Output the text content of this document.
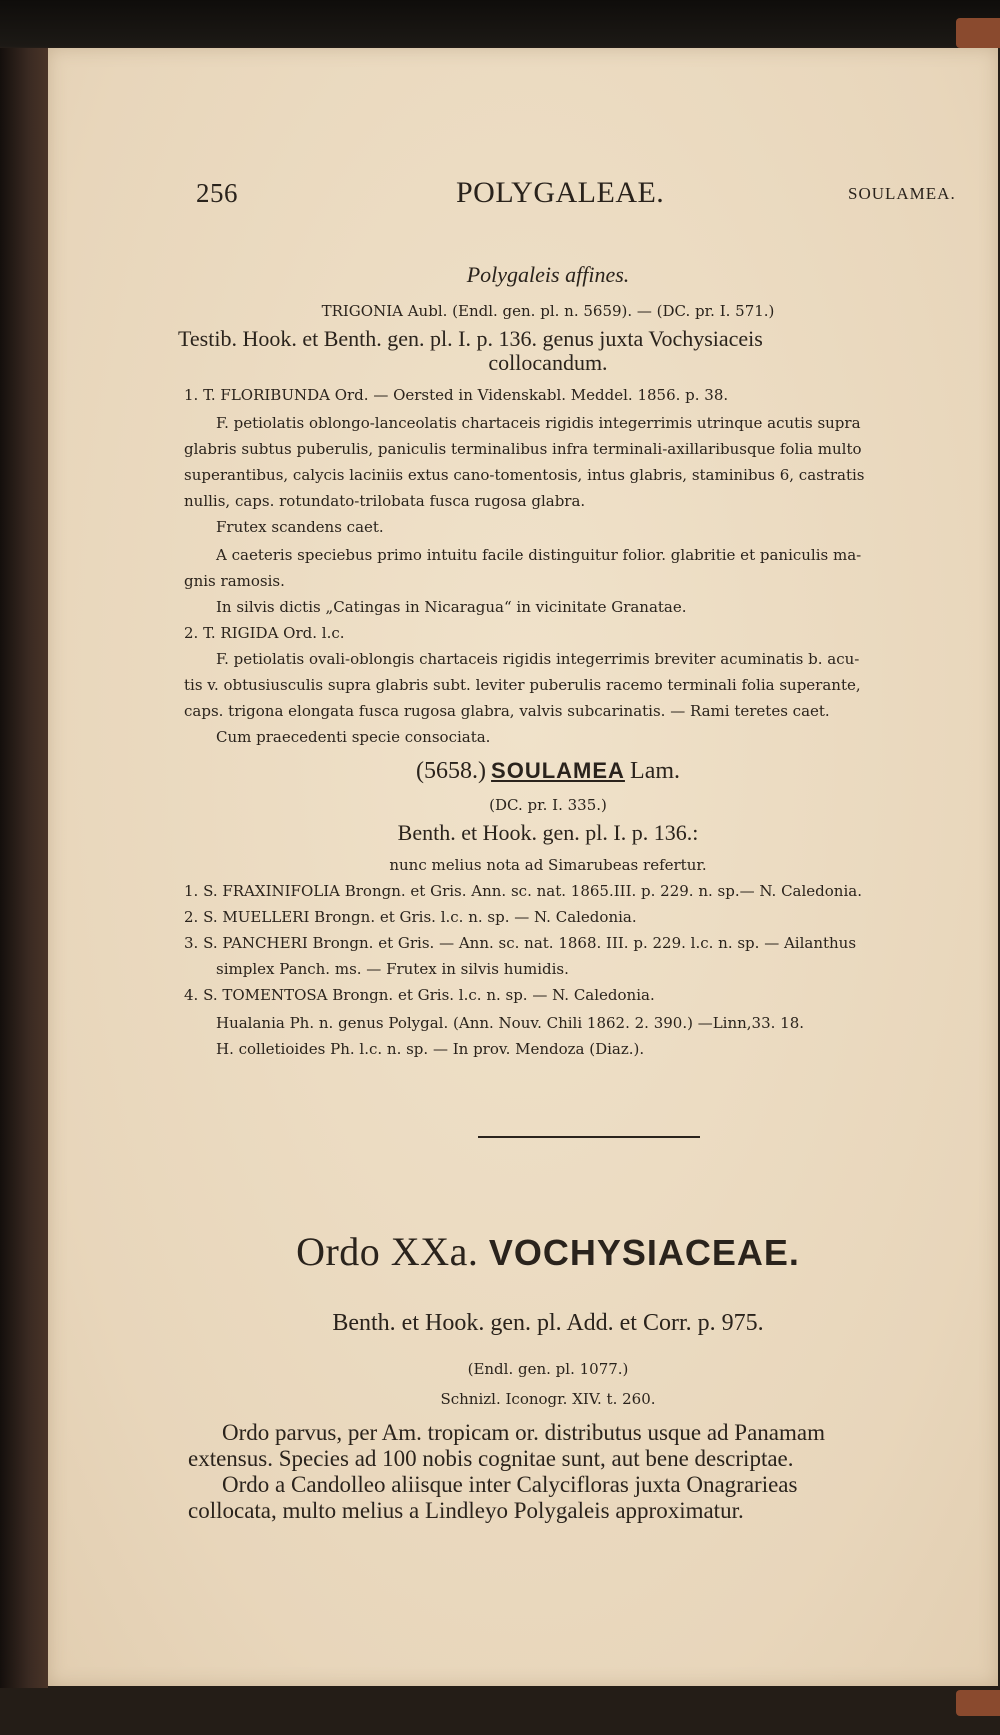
256	POLYGALEAE.	SOULAMEA.
Polygaleis affines.
TRIGONIA Aubl. (Endl. gen. pl. n. 5659). — (DC. pr. I. 571.)
Testib. Hook. et Benth. gen. pl. I. p. 136. genus juxta Vochysiaceis
collocandum.
1. T. FLORIBUNDA Ord. — Oersted in Videnskabl. Meddel. 1856. p. 38.
F. petiolatis oblongo-lanceolatis chartaceis rigidis integerrimis utrinque acutis supra
glabris subtus puberulis, paniculis terminalibus infra terminali-axillaribusque folia multo
superantibus, calycis laciniis extus cano-tomentosis, intus glabris, staminibus 6, castratis
nullis, caps. rotundato-trilobata fusca rugosa glabra.
Frutex scandens caet.
A caeteris speciebus primo intuitu facile distinguitur folior. glabritie et paniculis ma-
gnis ramosis.
In silvis dictis „Catingas in Nicaragua“ in vicinitate Granatae.
2. T. RIGIDA Ord. l.c.
F. petiolatis ovali-oblongis chartaceis rigidis integerrimis breviter acuminatis b. acu-
tis v. obtusiusculis supra glabris subt. leviter puberulis racemo terminali folia superante,
caps. trigona elongata fusca rugosa glabra, valvis subcarinatis. — Rami teretes caet.
Cum praecedenti specie consociata.
(5658.) SOULAMEA Lam.
(DC. pr. I. 335.)
Benth. et Hook. gen. pl. I. p. 136.:
nunc melius nota ad Simarubeas refertur.
1. S. FRAXINIFOLIA Brongn. et Gris. Ann. sc. nat. 1865.III. p. 229. n. sp.— N. Caledonia.
2. S. MUELLERI Brongn. et Gris. l.c. n. sp. — N. Caledonia.
3. S. PANCHERI Brongn. et Gris. — Ann. sc. nat. 1868. III. p. 229. l.c. n. sp. — Ailanthus
simplex Panch. ms. — Frutex in silvis humidis.
4. S. TOMENTOSA Brongn. et Gris. l.c. n. sp. — N. Caledonia.
Hualania Ph. n. genus Polygal. (Ann. Nouv. Chili 1862. 2. 390.) —Linn,33. 18.
H. colletioides Ph. l.c. n. sp. — In prov. Mendoza (Diaz.).
Ordo XXa. VOCHYSIACEAE.
Benth. et Hook. gen. pl. Add. et Corr. p. 975.
(Endl. gen. pl. 1077.)
Schnizl. Iconogr. XIV. t. 260.
Ordo parvus, per Am. tropicam or. distributus usque ad Panamam
extensus. Species ad 100 nobis cognitae sunt, aut bene descriptae.
Ordo a Candolleo aliisque inter Calycifloras juxta Onagrarieas
collocata, multo melius a Lindleyo Polygaleis approximatur.
